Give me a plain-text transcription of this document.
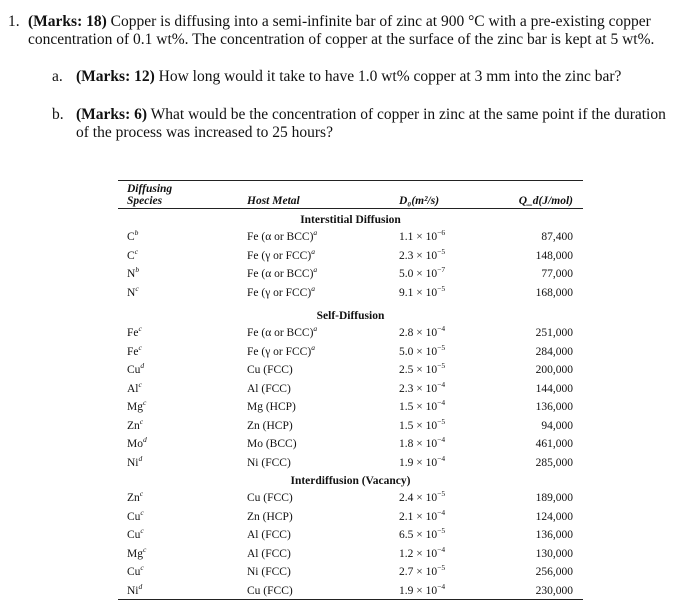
1. (Marks: 18) Copper is diffusing into a semi-infinite bar of zinc at 900 °C with a pre-existing copper concentration of 0.1 wt%. The concentration of copper at the surface of the zinc bar is kept at 5 wt%.
a. (Marks: 12) How long would it take to have 1.0 wt% copper at 3 mm into the zinc bar?
b. (Marks: 6) What would be the concentration of copper in zinc at the same point if the duration of the process was increased to 25 hours?
Diffusing
Species	Host Metal	D₀(m²/s)	Q_d(J/mol)
Interstitial Diffusion
$C^b$	Fe (α or BCC)$^a$	$1.1 \times 10^{-6}$	87,400
$C^c$	Fe (γ or FCC)$^a$	$2.3 \times 10^{-5}$	148,000
$N^b$	Fe (α or BCC)$^a$	$5.0 \times 10^{-7}$	77,000
$N^c$	Fe (γ or FCC)$^a$	$9.1 \times 10^{-5}$	168,000
Self-Diffusion
Fe$^c$	Fe (α or BCC)$^a$	$2.8 \times 10^{-4}$	251,000
Fe$^c$	Fe (γ or FCC)$^a$	$5.0 \times 10^{-5}$	284,000
Cu$^d$	Cu (FCC)	$2.5 \times 10^{-5}$	200,000
Al$^c$	Al (FCC)	$2.3 \times 10^{-4}$	144,000
Mg$^c$	Mg (HCP)	$1.5 \times 10^{-4}$	136,000
Zn$^c$	Zn (HCP)	$1.5 \times 10^{-5}$	94,000
Mo$^d$	Mo (BCC)	$1.8 \times 10^{-4}$	461,000
Ni$^d$	Ni (FCC)	$1.9 \times 10^{-4}$	285,000
Interdiffusion (Vacancy)
Zn$^c$	Cu (FCC)	$2.4 \times 10^{-5}$	189,000
Cu$^c$	Zn (HCP)	$2.1 \times 10^{-4}$	124,000
Cu$^c$	Al (FCC)	$6.5 \times 10^{-5}$	136,000
Mg$^c$	Al (FCC)	$1.2 \times 10^{-4}$	130,000
Cu$^c$	Ni (FCC)	$2.7 \times 10^{-5}$	256,000
Ni$^d$	Cu (FCC)	$1.9 \times 10^{-4}$	230,000
